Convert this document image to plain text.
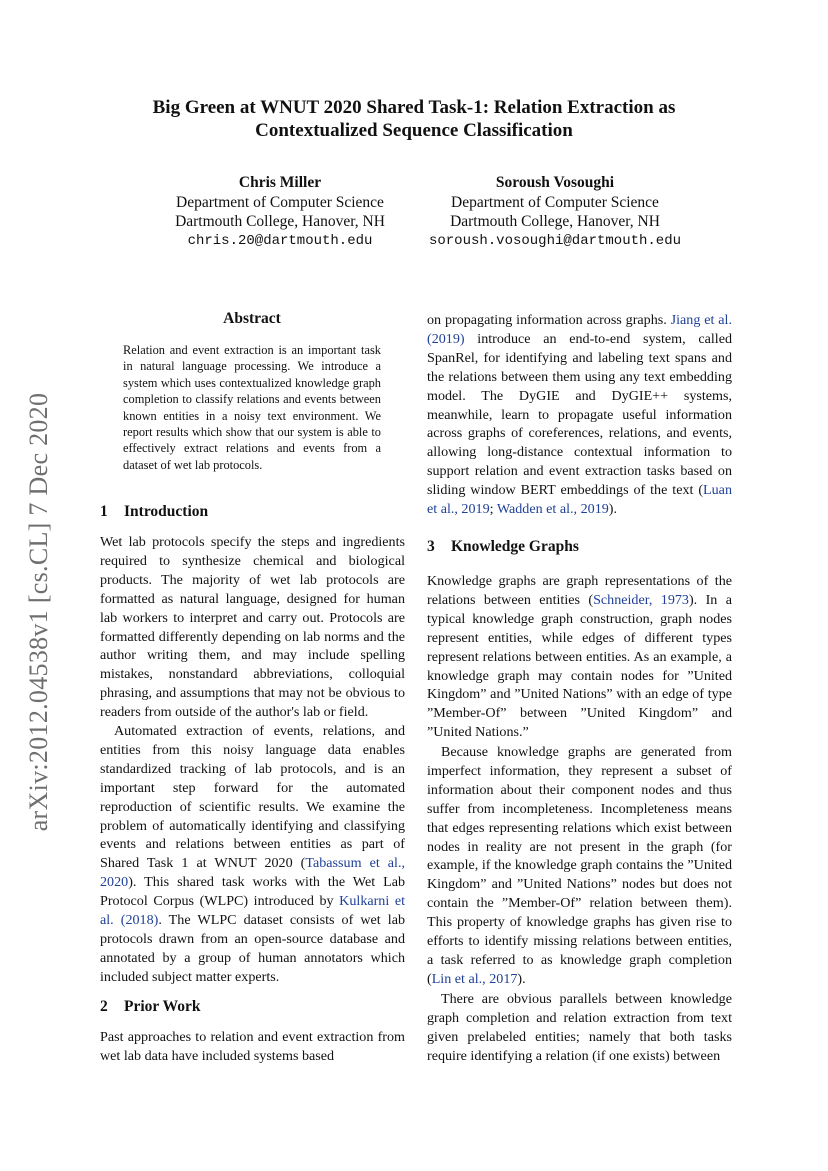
Big Green at WNUT 2020 Shared Task-1: Relation Extraction as
Contextualized Sequence Classification
Chris Miller
Department of Computer Science
Dartmouth College, Hanover, NH
chris.20@dartmouth.edu
Soroush Vosoughi
Department of Computer Science
Dartmouth College, Hanover, NH
soroush.vosoughi@dartmouth.edu
arXiv:2012.04538v1 [cs.CL] 7 Dec 2020
Abstract
Relation and event extraction is an important task in natural language processing. We introduce a system which uses contextualized knowledge graph completion to classify relations and events between known entities in a noisy text environment. We report results which show that our system is able to effectively extract relations and events from a dataset of wet lab protocols.
1 Introduction

Wet lab protocols specify the steps and ingredients required to synthesize chemical and biological products. The majority of wet lab protocols are formatted as natural language, designed for human lab workers to interpret and carry out. Protocols are formatted differently depending on lab norms and the author writing them, and may include spelling mistakes, nonstandard abbreviations, colloquial phrasing, and assumptions that may not be obvious to readers from outside of the author's lab or field.

Automated extraction of events, relations, and entities from this noisy language data enables standardized tracking of lab protocols, and is an important step forward for the automated reproduction of scientific results. We examine the problem of automatically identifying and classifying events and relations between entities as part of Shared Task 1 at WNUT 2020 (Tabassum et al., 2020). This shared task works with the Wet Lab Protocol Corpus (WLPC) introduced by Kulkarni et al. (2018). The WLPC dataset consists of wet lab protocols drawn from an open-source database and annotated by a group of human annotators which included subject matter experts.

2 Prior Work

Past approaches to relation and event extraction from wet lab data have included systems based

on propagating information across graphs. Jiang et al. (2019) introduce an end-to-end system, called SpanRel, for identifying and labeling text spans and the relations between them using any text embedding model. The DyGIE and DyGIE++ systems, meanwhile, learn to propagate useful information across graphs of coreferences, relations, and events, allowing long-distance contextual information to support relation and event extraction tasks based on sliding window BERT embeddings of the text (Luan et al., 2019; Wadden et al., 2019).

3 Knowledge Graphs

Knowledge graphs are graph representations of the relations between entities (Schneider, 1973). In a typical knowledge graph construction, graph nodes represent entities, while edges of different types represent relations between entities. As an example, a knowledge graph may contain nodes for ”United Kingdom” and ”United Nations” with an edge of type ”Member-Of” between ”United Kingdom” and ”United Nations.”

Because knowledge graphs are generated from imperfect information, they represent a subset of information about their component nodes and thus suffer from incompleteness. Incompleteness means that edges representing relations which exist between nodes in reality are not present in the graph (for example, if the knowledge graph contains the ”United Kingdom” and ”United Nations” nodes but does not contain the ”Member-Of” relation between them). This property of knowledge graphs has given rise to efforts to identify missing relations between entities, a task referred to as knowledge graph completion (Lin et al., 2017).

There are obvious parallels between knowledge graph completion and relation extraction from text given prelabeled entities; namely that both tasks require identifying a relation (if one exists) between
